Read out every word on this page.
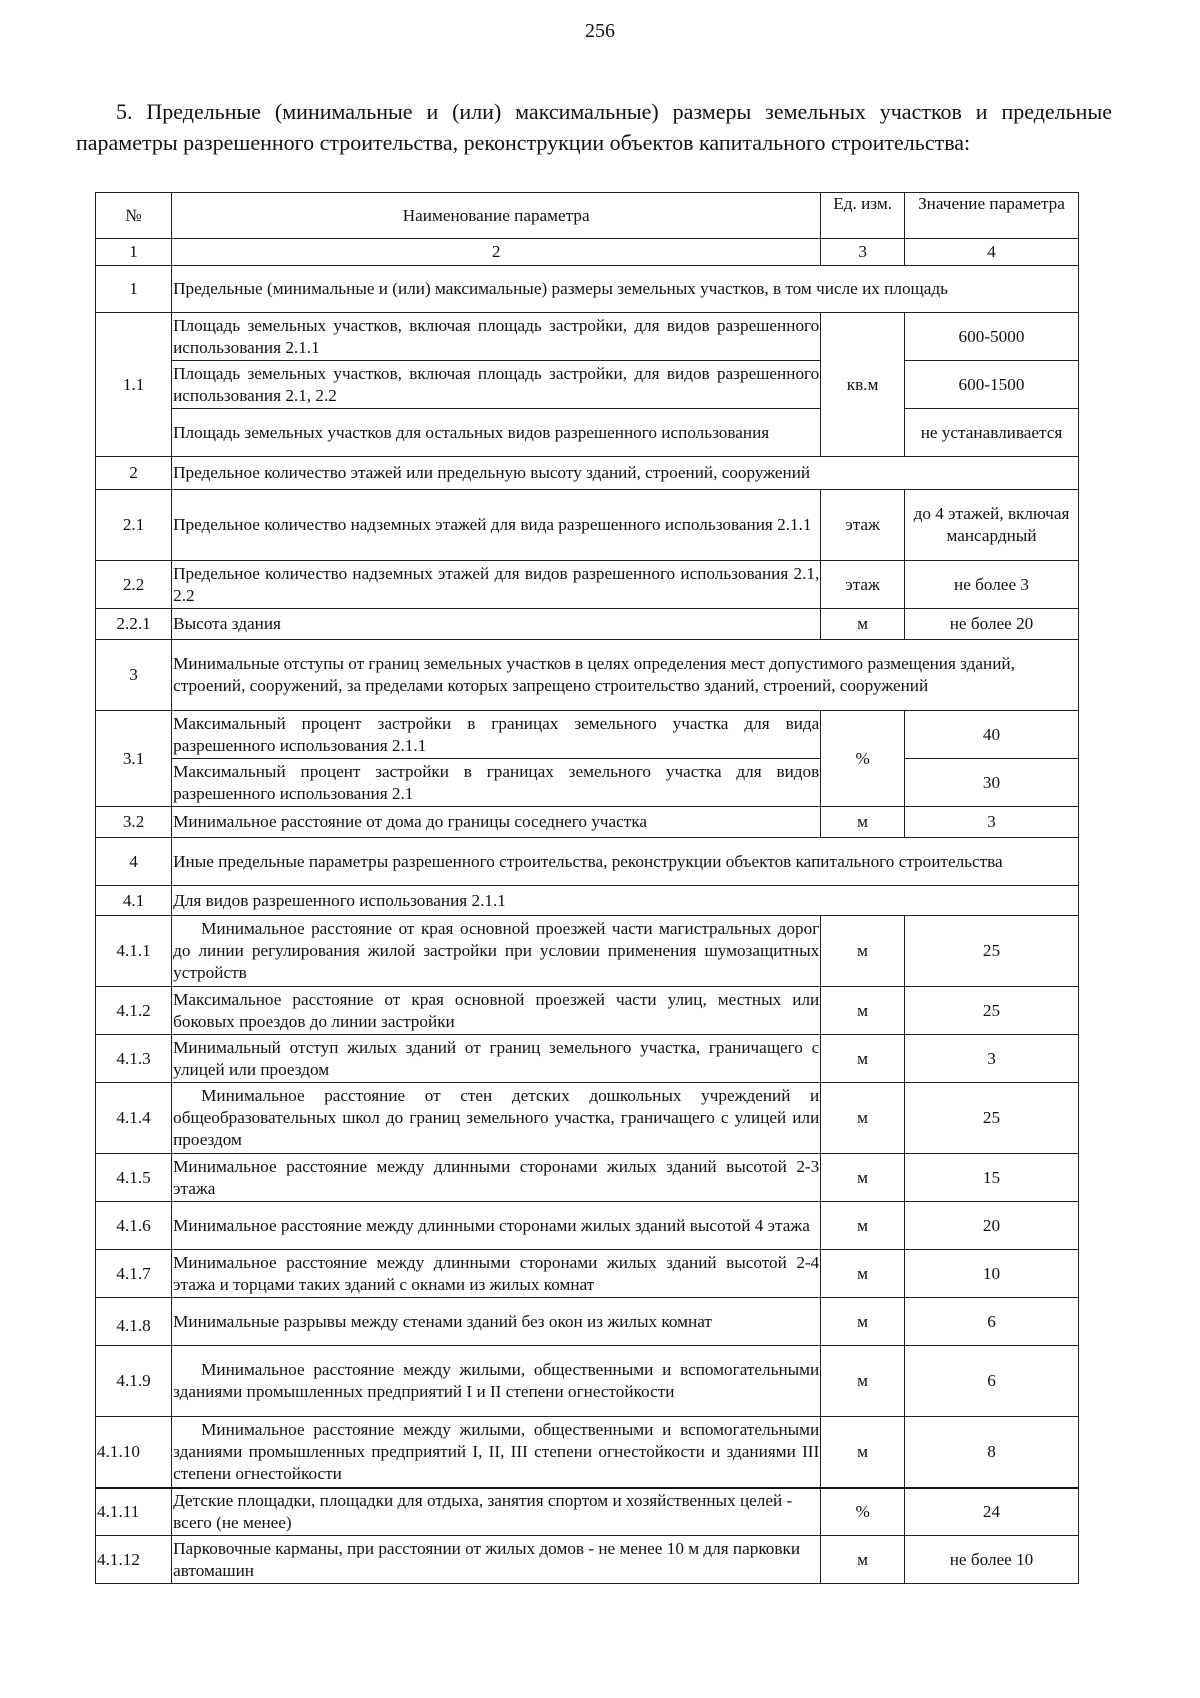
256
5. Предельные (минимальные и (или) максимальные) размеры земельных участков и предельные параметры разрешенного строительства, реконструкции объектов капитального строительства:
№	Наименование параметра	Ед. изм.	Значение параметра
1	2	3	4
1	Предельные (минимальные и (или) максимальные) размеры земельных участков, в том числе их площадь		
1.1	Площадь земельных участков, включая площадь застройки, для видов разрешенного использования 2.1.1	кв.м	600-5000
	Площадь земельных участков, включая площадь застройки, для видов разрешенного использования 2.1, 2.2		600-1500
	Площадь земельных участков для остальных видов разрешенного использования		не устанавливается
2	Предельное количество этажей или предельную высоту зданий, строений, сооружений		
2.1	Предельное количество надземных этажей для вида разрешенного использования 2.1.1	этаж	до 4 этажей, включая мансардный
2.2	Предельное количество надземных этажей для видов разрешенного использования 2.1, 2.2	этаж	не более 3
2.2.1	Высота здания	м	не более 20
3	Минимальные отступы от границ земельных участков в целях определения мест допустимого размещения зданий, строений, сооружений, за пределами которых запрещено строительство зданий, строений, сооружений		
3.1	Максимальный процент застройки в границах земельного участка для вида разрешенного использования 2.1.1	%	40
	Максимальный процент застройки в границах земельного участка для видов разрешенного использования 2.1		30
3.2	Минимальное расстояние от дома до границы соседнего участка	м	3
4	Иные предельные параметры разрешенного строительства, реконструкции объектов капитального строительства		
4.1	Для видов разрешенного использования 2.1.1		
4.1.1	Минимальное расстояние от края основной проезжей части магистральных дорог до линии регулирования жилой застройки при условии применения шумозащитных устройств	м	25
4.1.2	Максимальное расстояние от края основной проезжей части улиц, местных или боковых проездов до линии застройки	м	25
4.1.3	Минимальный отступ жилых зданий от границ земельного участка, граничащего с улицей или проездом	м	3
4.1.4	Минимальное расстояние от стен детских дошкольных учреждений и общеобразовательных школ до границ земельного участка, граничащего с улицей или проездом	м	25
4.1.5	Минимальное расстояние между длинными сторонами жилых зданий высотой 2-3 этажа	м	15
4.1.6	Минимальное расстояние между длинными сторонами жилых зданий высотой 4 этажа	м	20
4.1.7	Минимальное расстояние между длинными сторонами жилых зданий высотой 2-4 этажа и торцами таких зданий с окнами из жилых комнат	м	10
4.1.8	Минимальные разрывы между стенами зданий без окон из жилых комнат	м	6
4.1.9	Минимальное расстояние между жилыми, общественными и вспомогательными зданиями промышленных предприятий I и II степени огнестойкости	м	6
4.1.10	Минимальное расстояние между жилыми, общественными и вспомогательными зданиями промышленных предприятий I, II, III степени огнестойкости и зданиями III степени огнестойкости	м	8
4.1.11	Детские площадки, площадки для отдыха, занятия спортом и хозяйственных целей - всего (не менее)	%	24
4.1.12	Парковочные карманы, при расстоянии от жилых домов - не менее 10 м для парковки автомашин	м	не более 10
